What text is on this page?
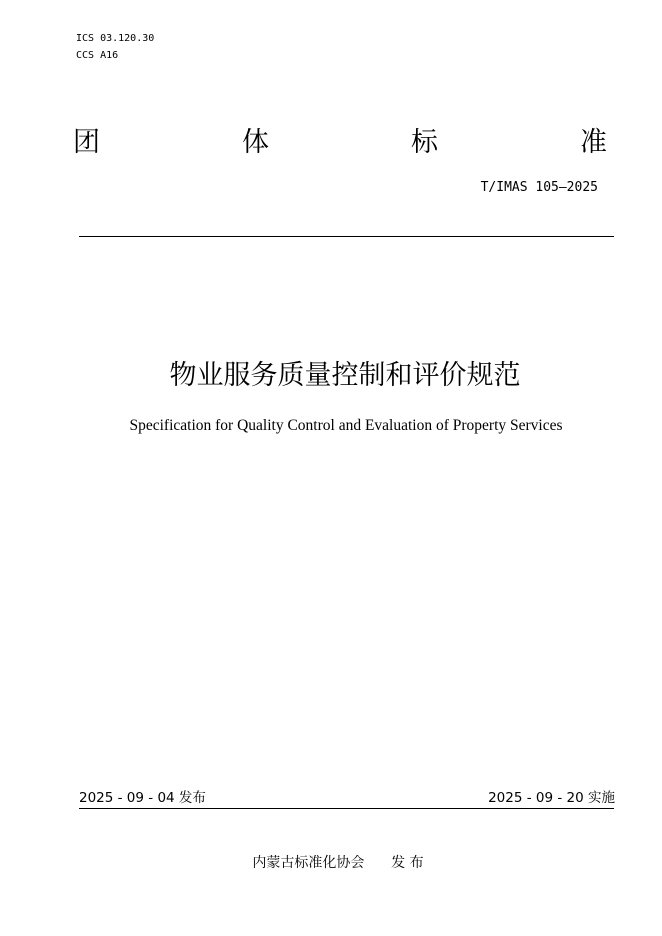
ICS 03.120.30
CCS A16
团	体	标	准
T/IMAS 105—2025
物业服务质量控制和评价规范
Specification for Quality Control and Evaluation of Property Services
2025 - 09 - 04 发布	2025 - 09 - 20 实施
内蒙古标准化协会      发 布
